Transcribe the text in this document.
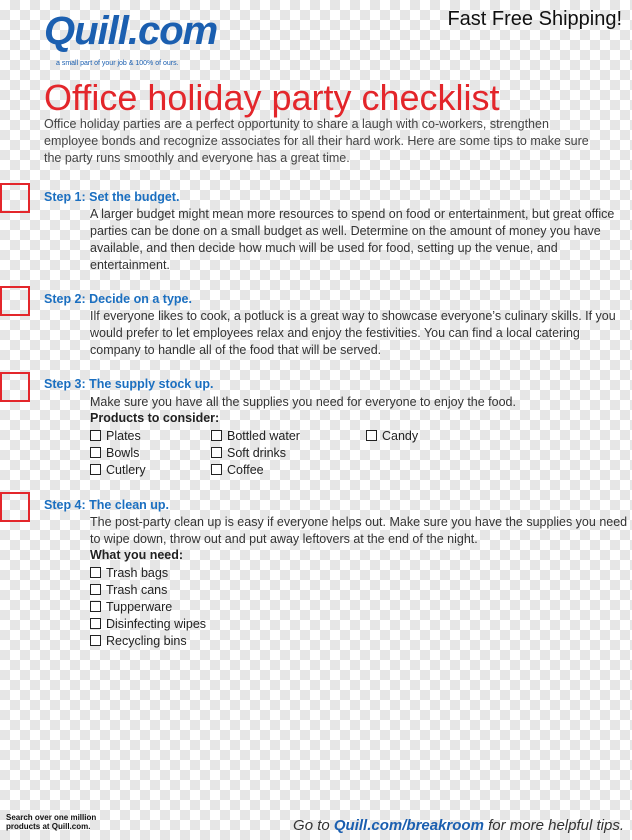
Quill.com
a small part of your job & 100% of ours.
Fast Free Shipping!
Office holiday party checklist
Office holiday parties are a perfect opportunity to share a laugh with co-workers, strengthen employee bonds and recognize associates for all their hard work. Here are some tips to make sure the party runs smoothly and everyone has a great time.
Step 1: Set the budget.
A larger budget might mean more resources to spend on food or entertainment, but great office parties can be done on a small budget as well. Determine on the amount of money you have available, and then decide how much will be used for food, setting up the venue, and entertainment.
Step 2: Decide on a type.
Ilf everyone likes to cook, a potluck is a great way to showcase everyone’s culinary skills. If you would prefer to let employees relax and enjoy the festivities. You can find a local catering company to handle all of the food that will be served.
Step 3: The supply stock up.
Make sure you have all the supplies you need for everyone to enjoy the food.
Products to consider:
Plates
Bowls
Cutlery
Bottled water
Soft drinks
Coffee
Candy
Step 4: The clean up.
The post-party clean up is easy if everyone helps out. Make sure you have the supplies you need to wipe down, throw out and put away leftovers at the end of the night.
What you need:
Trash bags
Trash cans
Tupperware
Disinfecting wipes
Recycling bins
Search over one million
products at Quill.com.	Go to Quill.com/breakroom for more helpful tips.
